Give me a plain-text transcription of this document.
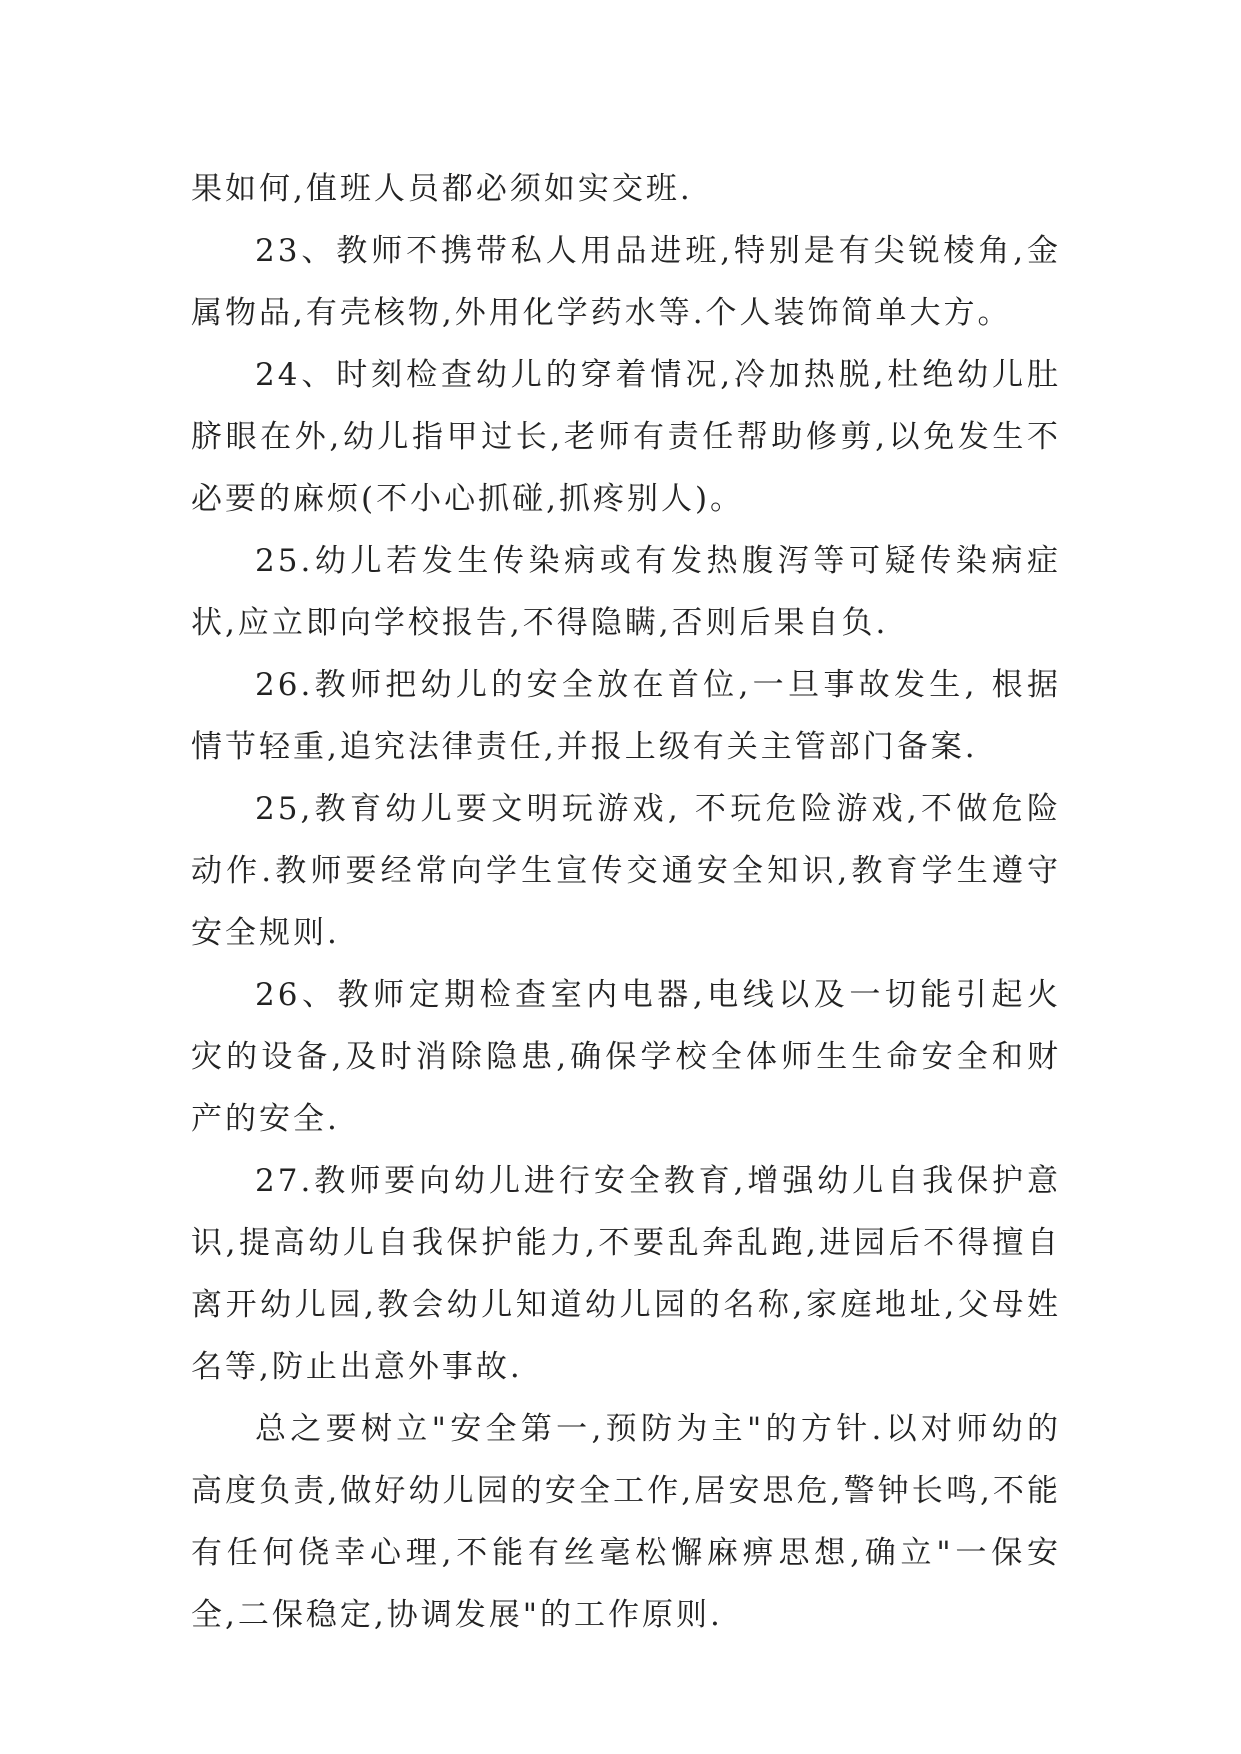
果如何,值班人员都必须如实交班.

23、教师不携带私人用品进班,特别是有尖锐棱角,金属物品,有壳核物,外用化学药水等.个人装饰简单大方。

24、时刻检查幼儿的穿着情况,冷加热脱,杜绝幼儿肚脐眼在外,幼儿指甲过长,老师有责任帮助修剪,以免发生不必要的麻烦(不小心抓碰,抓疼别人)。

25.幼儿若发生传染病或有发热腹泻等可疑传染病症状,应立即向学校报告,不得隐瞒,否则后果自负.

26.教师把幼儿的安全放在首位,一旦事故发生, 根据情节轻重,追究法律责任,并报上级有关主管部门备案.

25,教育幼儿要文明玩游戏, 不玩危险游戏,不做危险动作.教师要经常向学生宣传交通安全知识,教育学生遵守安全规则.

26、教师定期检查室内电器,电线以及一切能引起火灾的设备,及时消除隐患,确保学校全体师生生命安全和财产的安全.

27.教师要向幼儿进行安全教育,增强幼儿自我保护意识,提高幼儿自我保护能力,不要乱奔乱跑,进园后不得擅自离开幼儿园,教会幼儿知道幼儿园的名称,家庭地址,父母姓名等,防止出意外事故.

总之要树立"安全第一,预防为主"的方针.以对师幼的高度负责,做好幼儿园的安全工作,居安思危,警钟长鸣,不能有任何侥幸心理,不能有丝毫松懈麻痹思想,确立"一保安全,二保稳定,协调发展"的工作原则.
